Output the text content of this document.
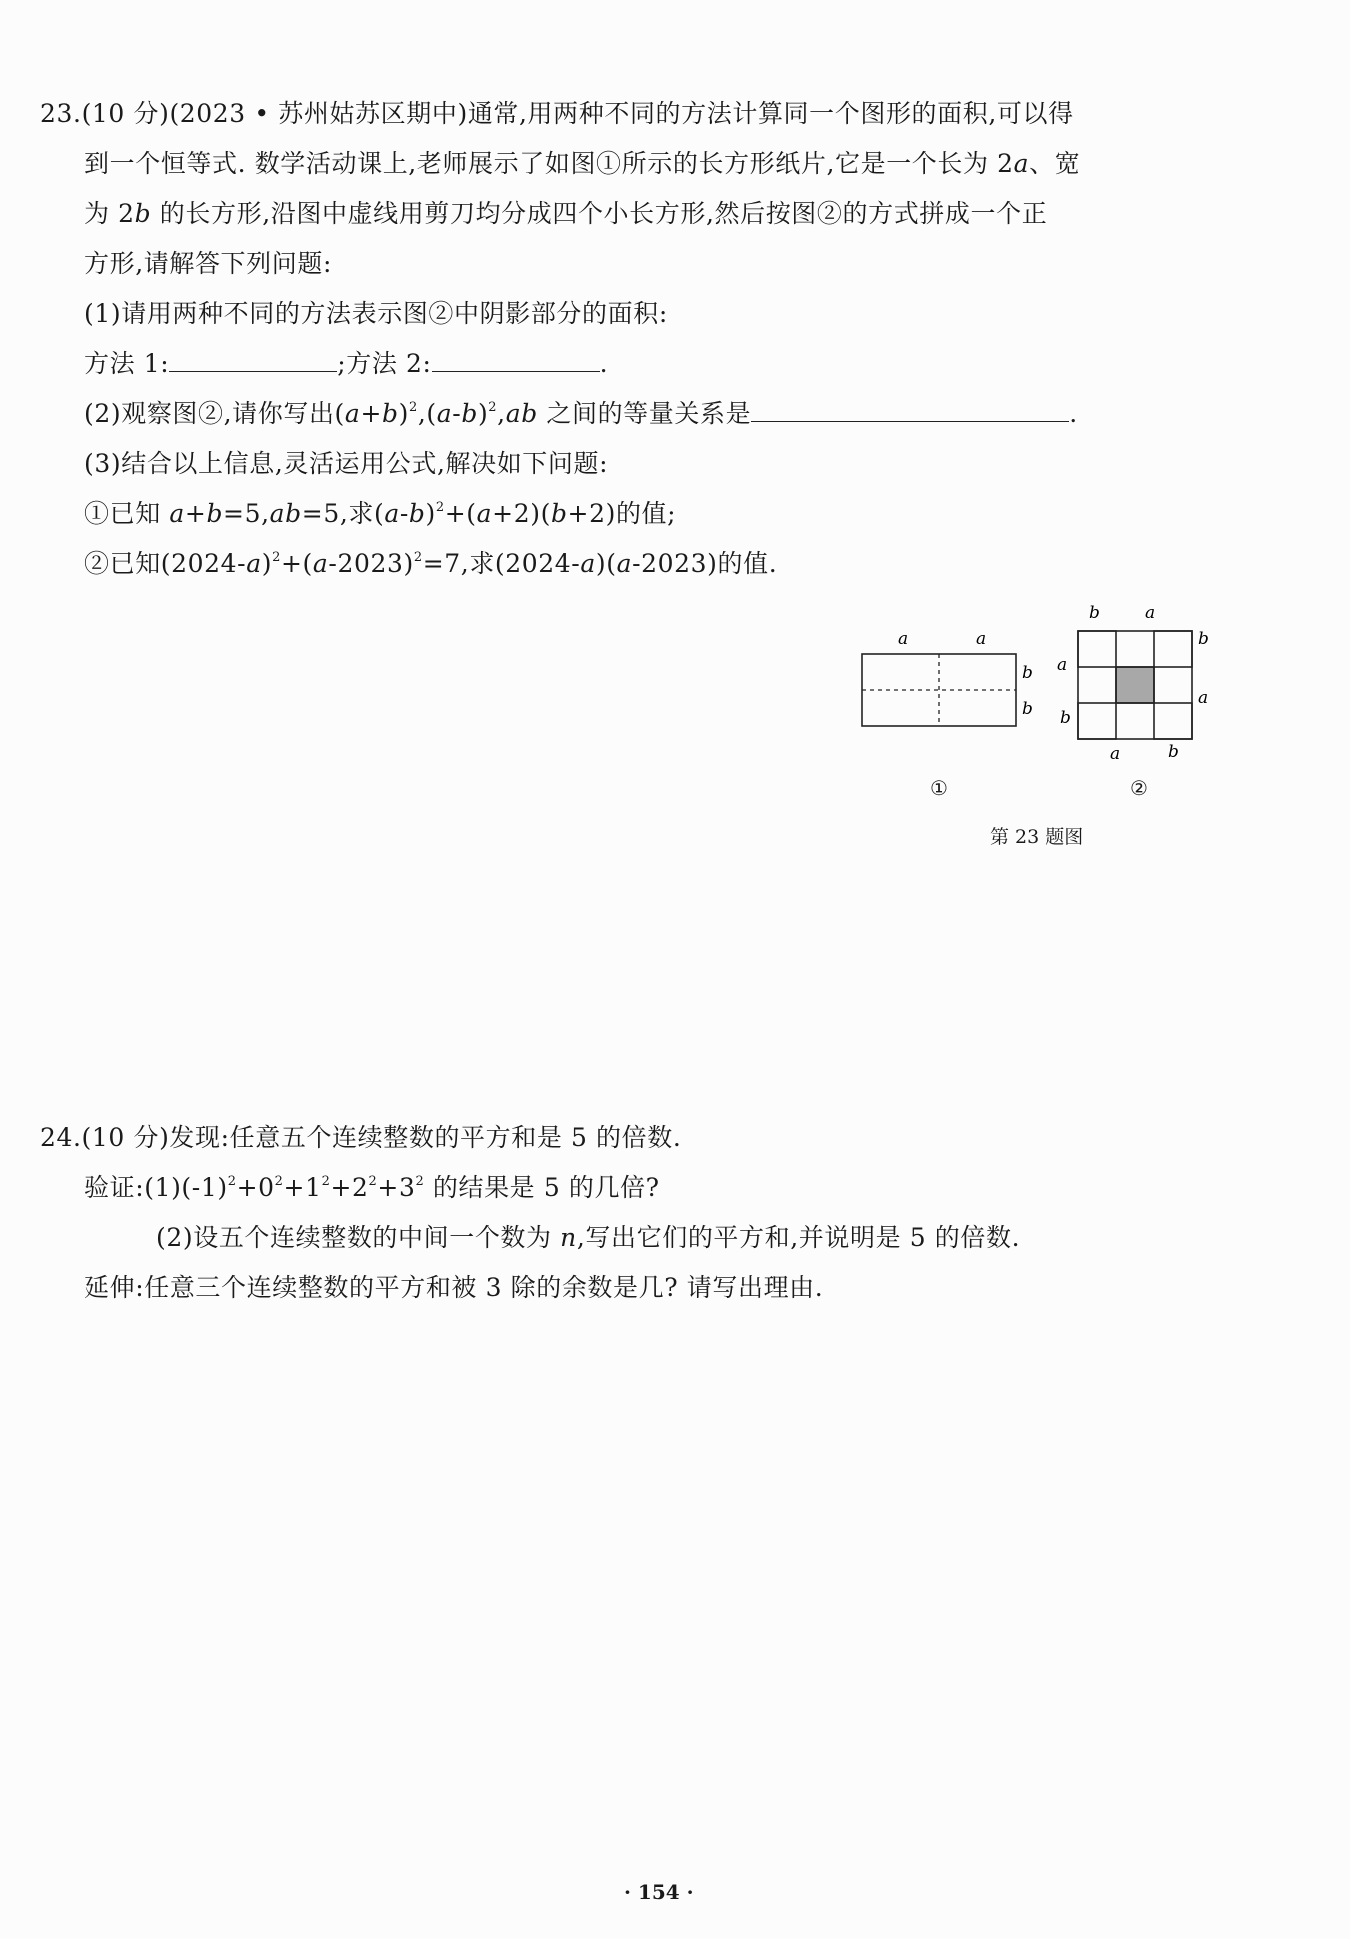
23.(10 分)(2023 • 苏州姑苏区期中)通常,用两种不同的方法计算同一个图形的面积,可以得
到一个恒等式. 数学活动课上,老师展示了如图①所示的长方形纸片,它是一个长为 2a、宽
为 2b 的长方形,沿图中虚线用剪刀均分成四个小长方形,然后按图②的方式拼成一个正
方形,请解答下列问题:
(1)请用两种不同的方法表示图②中阴影部分的面积:
方法 1:	;方法 2:	.
(2)观察图②,请你写出$(a+b)^2,(a-b)^2,ab$ 之间的等量关系是	.
(3)结合以上信息,灵活运用公式,解决如下问题:
①已知 a+b=5,ab=5,求$(a-b)^2+(a+2)(b+2)$的值;
②已知$(2024-a)^2+(a-2023)^2=7$,求(2024-a)(a-2023)的值.
a	a
b
b
b	a
b
a
a
b
a	b
①	②
第 23 题图
24.(10 分)发现:任意五个连续整数的平方和是 5 的倍数.
验证$:(1)(-1)^2+0^2+1^2+2^2+3^2$ 的结果是 5 的几倍?
(2)设五个连续整数的中间一个数为 n,写出它们的平方和,并说明是 5 的倍数.
延伸:任意三个连续整数的平方和被 3 除的余数是几? 请写出理由.
· 154 ·
